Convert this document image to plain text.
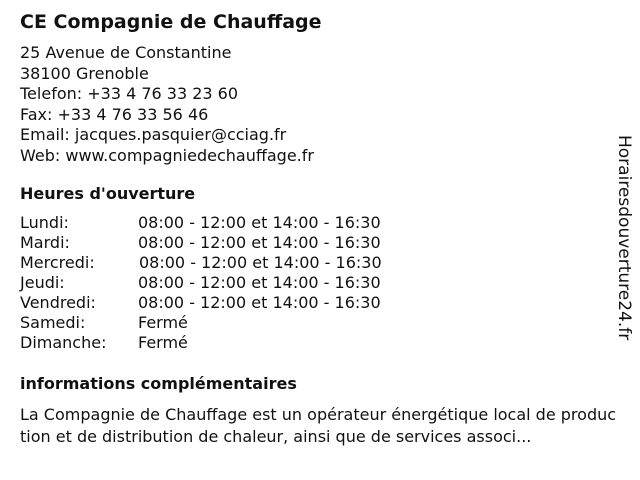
CE Compagnie de Chauffage
25 Avenue de Constantine
38100 Grenoble
Telefon: +33 4 76 33 23 60
Fax: +33 4 76 33 56 46
Email: jacques.pasquier@cciag.fr
Web: www.compagniedechauffage.fr
Heures d'ouverture
Lundi:	08:00 - 12:00 et 14:00 - 16:30
Mardi:	08:00 - 12:00 et 14:00 - 16:30
Mercredi:	08:00 - 12:00 et 14:00 - 16:30
Jeudi:	08:00 - 12:00 et 14:00 - 16:30
Vendredi:	08:00 - 12:00 et 14:00 - 16:30
Samedi:	Fermé
Dimanche: Fermé
informations complémentaires
La Compagnie de Chauffage est un opérateur énergétique local de production et de distribution de chaleur, ainsi que de services associ...
Horairesdouverture24.fr
